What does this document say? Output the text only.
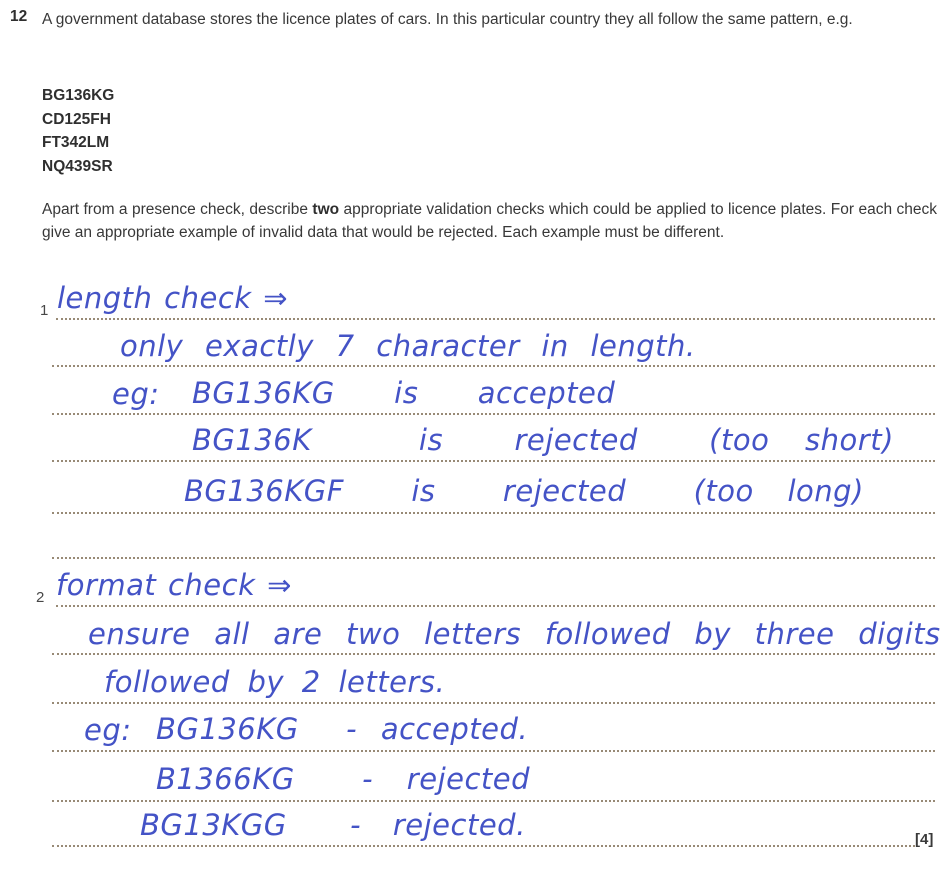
12 A government database stores the licence plates of cars. In this particular country they all follow the same pattern, e.g.
BG136KG
CD125FH
FT342LM
NQ439SR
Apart from a presence check, describe two appropriate validation checks which could be applied to licence plates. For each check give an appropriate example of invalid data that would be rejected. Each example must be different.
1
2
length check ⇒
only exactly 7 character in length.
eg: BG136KG  is  accepted
BG136K   is  rejected  (too short)
BG136KGF  is  rejected  (too long)
format check ⇒
ensure all are two letters followed by three digits
followed by 2 letters.
eg: BG136KG  - accepted.
B1366KG  - rejected
BG13KGG  - rejected.	[4]
